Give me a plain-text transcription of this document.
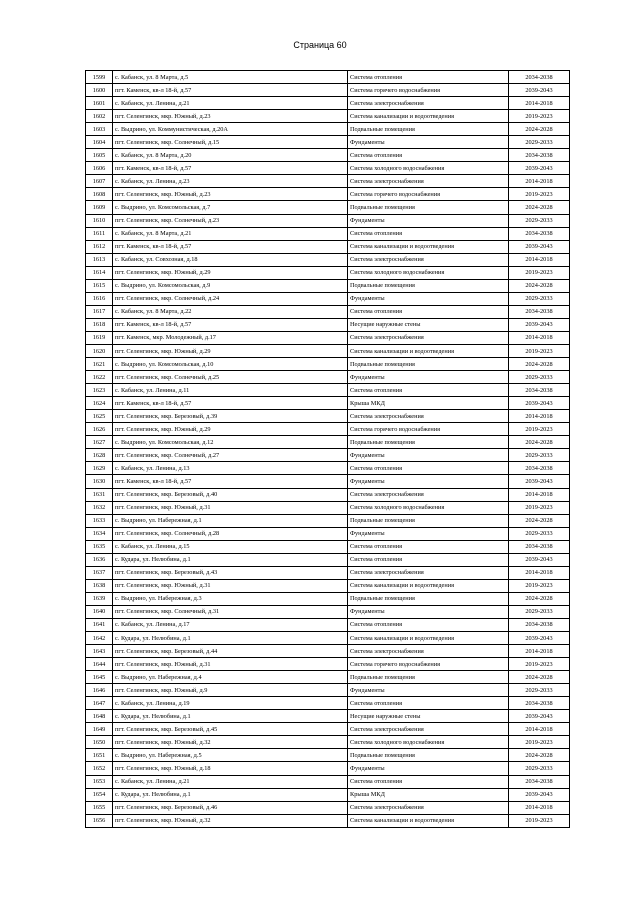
Страница 60
1599	с. Кабанск, ул. 8 Марта, д.5	Система отопления	2034-2038
1600	пгт. Каменск, кв-л 18-й, д.57	Система горячего водоснабжения	2039-2043
1601	с. Кабанск, ул. Ленина, д.21	Система электроснабжения	2014-2018
1602	пгт. Селенгинск, мкр. Южный, д.23	Система канализации и водоотведения	2019-2023
1603	с. Выдрино, ул. Коммунистическая, д.20А	Подвальные помещения	2024-2028
1604	пгт. Селенгинск, мкр. Солнечный, д.15	Фундаменты	2029-2033
1605	с. Кабанск, ул. 8 Марта, д.20	Система отопления	2034-2038
1606	пгт. Каменск, кв-л 18-й, д.57	Система холодного водоснабжения	2039-2043
1607	с. Кабанск, ул. Ленина, д.23	Система электроснабжения	2014-2018
1608	пгт. Селенгинск, мкр. Южный, д.23	Система горячего водоснабжения	2019-2023
1609	с. Выдрино, ул. Комсомольская, д.7	Подвальные помещения	2024-2028
1610	пгт. Селенгинск, мкр. Солнечный, д.23	Фундаменты	2029-2033
1611	с. Кабанск, ул. 8 Марта, д.21	Система отопления	2034-2038
1612	пгт. Каменск, кв-л 18-й, д.57	Система канализации и водоотведения	2039-2043
1613	с. Кабанск, ул. Совхозная, д.18	Система электроснабжения	2014-2018
1614	пгт. Селенгинск, мкр. Южный, д.29	Система холодного водоснабжения	2019-2023
1615	с. Выдрино, ул. Комсомольская, д.9	Подвальные помещения	2024-2028
1616	пгт. Селенгинск, мкр. Солнечный, д.24	Фундаменты	2029-2033
1617	с. Кабанск, ул. 8 Марта, д.22	Система отопления	2034-2038
1618	пгт. Каменск, кв-л 18-й, д.57	Несущие наружные стены	2039-2043
1619	пгт. Каменск, мкр. Молодежный, д.17	Система электроснабжения	2014-2018
1620	пгт. Селенгинск, мкр. Южный, д.29	Система канализации и водоотведения	2019-2023
1621	с. Выдрино, ул. Комсомольская, д.10	Подвальные помещения	2024-2028
1622	пгт. Селенгинск, мкр. Солнечный, д.25	Фундаменты	2029-2033
1623	с. Кабанск, ул. Ленина, д.11	Система отопления	2034-2038
1624	пгт. Каменск, кв-л 18-й, д.57	Крыша МКД	2039-2043
1625	пгт. Селенгинск, мкр. Березовый, д.39	Система электроснабжения	2014-2018
1626	пгт. Селенгинск, мкр. Южный, д.29	Система горячего водоснабжения	2019-2023
1627	с. Выдрино, ул. Комсомольская, д.12	Подвальные помещения	2024-2028
1628	пгт. Селенгинск, мкр. Солнечный, д.27	Фундаменты	2029-2033
1629	с. Кабанск, ул. Ленина, д.13	Система отопления	2034-2038
1630	пгт. Каменск, кв-л 18-й, д.57	Фундаменты	2039-2043
1631	пгт. Селенгинск, мкр. Березовый, д.40	Система электроснабжения	2014-2018
1632	пгт. Селенгинск, мкр. Южный, д.31	Система холодного водоснабжения	2019-2023
1633	с. Выдрино, ул. Набережная, д.1	Подвальные помещения	2024-2028
1634	пгт. Селенгинск, мкр. Солнечный, д.28	Фундаменты	2029-2033
1635	с. Кабанск, ул. Ленина, д.15	Система отопления	2034-2038
1636	с. Кудара, ул. Нелюбина, д.1	Система отопления	2039-2043
1637	пгт. Селенгинск, мкр. Березовый, д.43	Система электроснабжения	2014-2018
1638	пгт. Селенгинск, мкр. Южный, д.31	Система канализации и водоотведения	2019-2023
1639	с. Выдрино, ул. Набережная, д.3	Подвальные помещения	2024-2028
1640	пгт. Селенгинск, мкр. Солнечный, д.31	Фундаменты	2029-2033
1641	с. Кабанск, ул. Ленина, д.17	Система отопления	2034-2038
1642	с. Кудара, ул. Нелюбина, д.1	Система канализации и водоотведения	2039-2043
1643	пгт. Селенгинск, мкр. Березовый, д.44	Система электроснабжения	2014-2018
1644	пгт. Селенгинск, мкр. Южный, д.31	Система горячего водоснабжения	2019-2023
1645	с. Выдрино, ул. Набережная, д.4	Подвальные помещения	2024-2028
1646	пгт. Селенгинск, мкр. Южный, д.9	Фундаменты	2029-2033
1647	с. Кабанск, ул. Ленина, д.19	Система отопления	2034-2038
1648	с. Кудара, ул. Нелюбина, д.1	Несущие наружные стены	2039-2043
1649	пгт. Селенгинск, мкр. Березовый, д.45	Система электроснабжения	2014-2018
1650	пгт. Селенгинск, мкр. Южный, д.32	Система холодного водоснабжения	2019-2023
1651	с. Выдрино, ул. Набережная, д.5	Подвальные помещения	2024-2028
1652	пгт. Селенгинск, мкр. Южный, д.18	Фундаменты	2029-2033
1653	с. Кабанск, ул. Ленина, д.21	Система отопления	2034-2038
1654	с. Кудара, ул. Нелюбина, д.1	Крыша МКД	2039-2043
1655	пгт. Селенгинск, мкр. Березовый, д.46	Система электроснабжения	2014-2018
1656	пгт. Селенгинск, мкр. Южный, д.32	Система канализации и водоотведения	2019-2023
